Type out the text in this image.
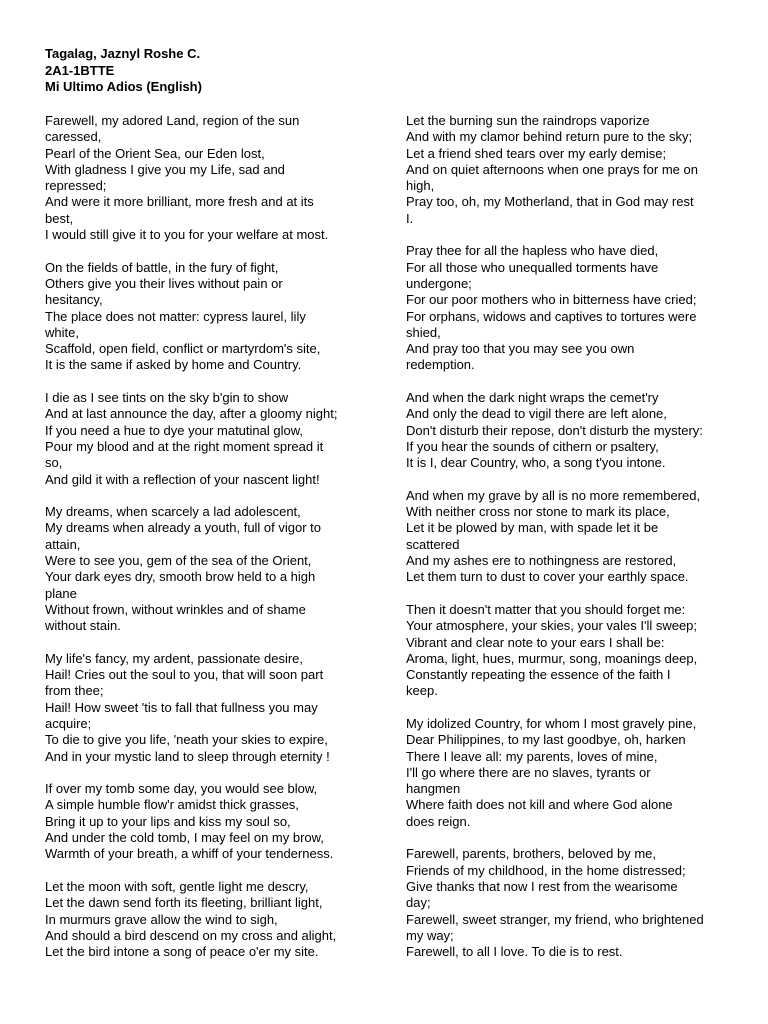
Tagalag, Jaznyl Roshe C.
2A1-1BTTE
Mi Ultimo Adios (English)
Farewell, my adored Land, region of the sun
caressed,
Pearl of the Orient Sea, our Eden lost,
With gladness I give you my Life, sad and
repressed;
And were it more brilliant, more fresh and at its
best,
I would still give it to you for your welfare at most.
On the fields of battle, in the fury of fight,
Others give you their lives without pain or
hesitancy,
The place does not matter: cypress laurel, lily
white,
Scaffold, open field, conflict or martyrdom's site,
It is the same if asked by home and Country.
I die as I see tints on the sky b'gin to show
And at last announce the day, after a gloomy night;
If you need a hue to dye your matutinal glow,
Pour my blood and at the right moment spread it
so,
And gild it with a reflection of your nascent light!
My dreams, when scarcely a lad adolescent,
My dreams when already a youth, full of vigor to
attain,
Were to see you, gem of the sea of the Orient,
Your dark eyes dry, smooth brow held to a high
plane
Without frown, without wrinkles and of shame
without stain.
My life's fancy, my ardent, passionate desire,
Hail! Cries out the soul to you, that will soon part
from thee;
Hail! How sweet 'tis to fall that fullness you may
acquire;
To die to give you life, 'neath your skies to expire,
And in your mystic land to sleep through eternity !
If over my tomb some day, you would see blow,
A simple humble flow'r amidst thick grasses,
Bring it up to your lips and kiss my soul so,
And under the cold tomb, I may feel on my brow,
Warmth of your breath, a whiff of your tenderness.
Let the moon with soft, gentle light me descry,
Let the dawn send forth its fleeting, brilliant light,
In murmurs grave allow the wind to sigh,
And should a bird descend on my cross and alight,
Let the bird intone a song of peace o'er my site.
Let the burning sun the raindrops vaporize
And with my clamor behind return pure to the sky;
Let a friend shed tears over my early demise;
And on quiet afternoons when one prays for me on
high,
Pray too, oh, my Motherland, that in God may rest
I.
Pray thee for all the hapless who have died,
For all those who unequalled torments have
undergone;
For our poor mothers who in bitterness have cried;
For orphans, widows and captives to tortures were
shied,
And pray too that you may see you own
redemption.
And when the dark night wraps the cemet'ry
And only the dead to vigil there are left alone,
Don't disturb their repose, don't disturb the mystery:
If you hear the sounds of cithern or psaltery,
It is I, dear Country, who, a song t'you intone.
And when my grave by all is no more remembered,
With neither cross nor stone to mark its place,
Let it be plowed by man, with spade let it be
scattered
And my ashes ere to nothingness are restored,
Let them turn to dust to cover your earthly space.
Then it doesn't matter that you should forget me:
Your atmosphere, your skies, your vales I'll sweep;
Vibrant and clear note to your ears I shall be:
Aroma, light, hues, murmur, song, moanings deep,
Constantly repeating the essence of the faith I
keep.
My idolized Country, for whom I most gravely pine,
Dear Philippines, to my last goodbye, oh, harken
There I leave all: my parents, loves of mine,
I'll go where there are no slaves, tyrants or
hangmen
Where faith does not kill and where God alone
does reign.
Farewell, parents, brothers, beloved by me,
Friends of my childhood, in the home distressed;
Give thanks that now I rest from the wearisome
day;
Farewell, sweet stranger, my friend, who brightened
my way;
Farewell, to all I love. To die is to rest.
